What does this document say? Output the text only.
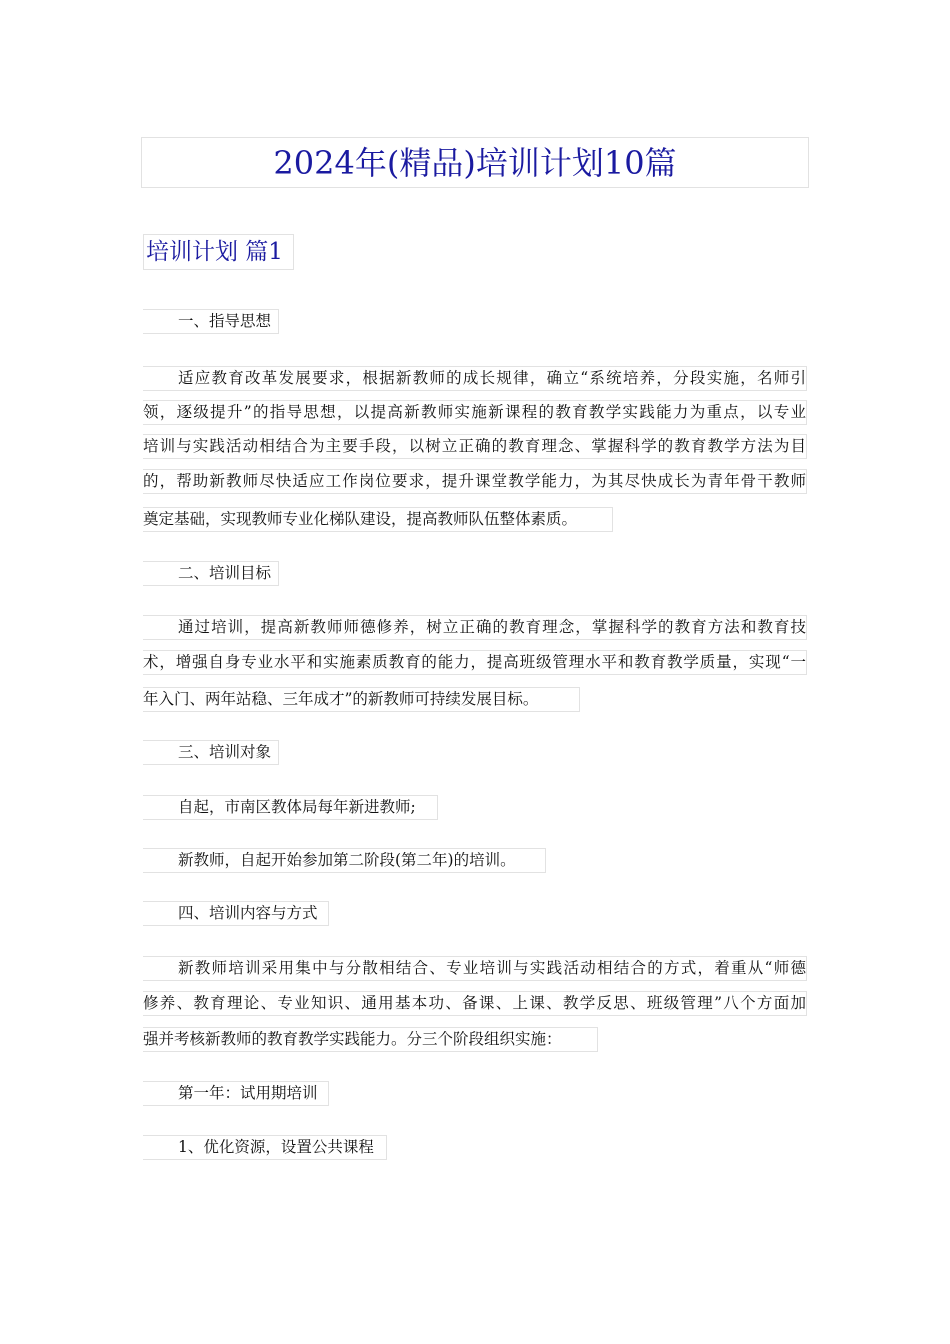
2024年(精品)培训计划10篇
培训计划 篇1
一、指导思想
适应教育改革发展要求，根据新教师的成长规律，确立“系统培养，分段实施，名师引
领，逐级提升”的指导思想，以提高新教师实施新课程的教育教学实践能力为重点，以专业
培训与实践活动相结合为主要手段，以树立正确的教育理念、掌握科学的教育教学方法为目
的，帮助新教师尽快适应工作岗位要求，提升课堂教学能力，为其尽快成长为青年骨干教师
奠定基础，实现教师专业化梯队建设，提高教师队伍整体素质。
二、培训目标
通过培训，提高新教师师德修养，树立正确的教育理念，掌握科学的教育方法和教育技
术，增强自身专业水平和实施素质教育的能力，提高班级管理水平和教育教学质量，实现“一
年入门、两年站稳、三年成才”的新教师可持续发展目标。
三、培训对象
自起，市南区教体局每年新进教师;
新教师，自起开始参加第二阶段(第二年)的培训。
四、培训内容与方式
新教师培训采用集中与分散相结合、专业培训与实践活动相结合的方式，着重从“师德
修养、教育理论、专业知识、通用基本功、备课、上课、教学反思、班级管理”八个方面加
强并考核新教师的教育教学实践能力。分三个阶段组织实施：
第一年：试用期培训
1、优化资源，设置公共课程
